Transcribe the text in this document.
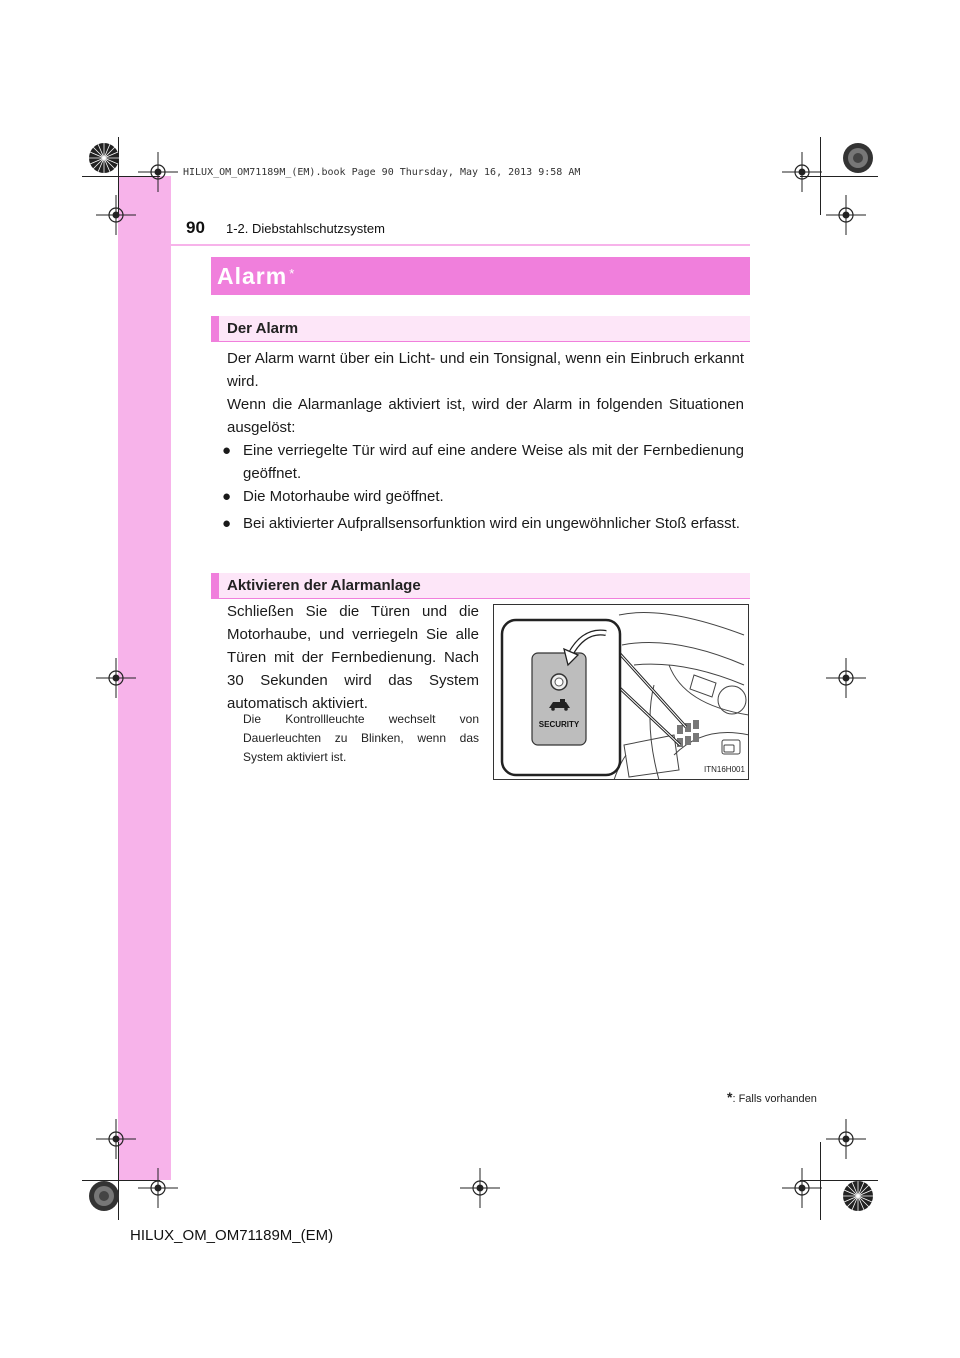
HILUX_OM_OM71189M_(EM).book Page 90 Thursday, May 16, 2013 9:58 AM
90 1-2. Diebstahlschutzsystem
Alarm *
Der Alarm
Der Alarm warnt über ein Licht- und ein Tonsignal, wenn ein Einbruch erkannt wird.
Wenn die Alarmanlage aktiviert ist, wird der Alarm in folgenden Situationen ausgelöst:
● Eine verriegelte Tür wird auf eine andere Weise als mit der Fernbedienung geöffnet.
● Die Motorhaube wird geöffnet.
● Bei aktivierter Aufprallsensorfunktion wird ein ungewöhnlicher Stoß erfasst.
Aktivieren der Alarmanlage
Schließen Sie die Türen und die Motorhaube, und verriegeln Sie alle Türen mit der Fernbedienung. Nach 30 Sekunden wird das System automatisch aktiviert.
Die Kontrollleuchte wechselt von Dauerleuchten zu Blinken, wenn das System aktiviert ist.
SECURITY
ITN16H001
*: Falls vorhanden
HILUX_OM_OM71189M_(EM)
